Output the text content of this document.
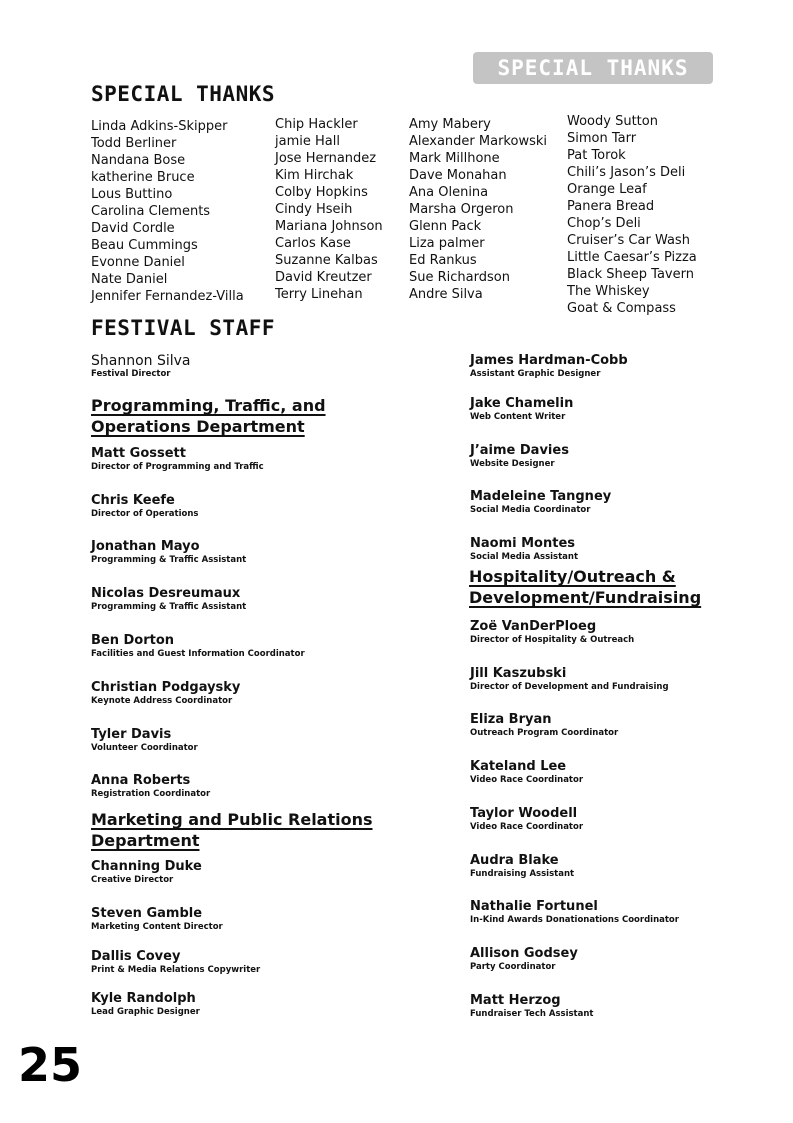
SPECIAL THANKS
SPECIAL THANKS
Linda Adkins-Skipper
Todd Berliner
Nandana Bose
katherine Bruce
Lous Buttino
Carolina Clements
David Cordle
Beau Cummings
Evonne Daniel
Nate Daniel
Jennifer Fernandez-Villa
Chip Hackler
jamie Hall
Jose Hernandez
Kim Hirchak
Colby Hopkins
Cindy Hseih
Mariana Johnson
Carlos Kase
Suzanne Kalbas
David Kreutzer
Terry Linehan
Amy Mabery
Alexander Markowski
Mark Millhone
Dave Monahan
Ana Olenina
Marsha Orgeron
Glenn Pack
Liza palmer
Ed Rankus
Sue Richardson
Andre Silva
Woody Sutton
Simon Tarr
Pat Torok
Chili’s Jason’s Deli
Orange Leaf
Panera Bread
Chop’s Deli
Cruiser’s Car Wash
Little Caesar’s Pizza
Black Sheep Tavern
The Whiskey
Goat & Compass
FESTIVAL STAFF
Shannon Silva
Festival Director
Programming, Traffic, and
Operations Department
Matt Gossett
Director of Programming and Traffic
Chris Keefe
Director of Operations
Jonathan Mayo
Programming & Traffic Assistant
Nicolas Desreumaux
Programming & Traffic Assistant
Ben Dorton
Facilities and Guest Information Coordinator
Christian Podgaysky
Keynote Address Coordinator
Tyler Davis
Volunteer Coordinator
Anna Roberts
Registration Coordinator
Marketing and Public Relations
Department
Channing Duke
Creative Director
Steven Gamble
Marketing Content Director
Dallis Covey
Print & Media Relations Copywriter
Kyle Randolph
Lead Graphic Designer
James Hardman-Cobb
Assistant Graphic Designer
Jake Chamelin
Web Content Writer
J’aime Davies
Website Designer
Madeleine Tangney
Social Media Coordinator
Naomi Montes
Social Media Assistant
Hospitality/Outreach &
Development/Fundraising
Zoë VanDerPloeg
Director of Hospitality & Outreach
Jill Kaszubski
Director of Development and Fundraising
Eliza Bryan
Outreach Program Coordinator
Kateland Lee
Video Race Coordinator
Taylor Woodell
Video Race Coordinator
Audra Blake
Fundraising Assistant
Nathalie Fortunel
In-Kind Awards Donationations Coordinator
Allison Godsey
Party Coordinator
Matt Herzog
Fundraiser Tech Assistant
25
